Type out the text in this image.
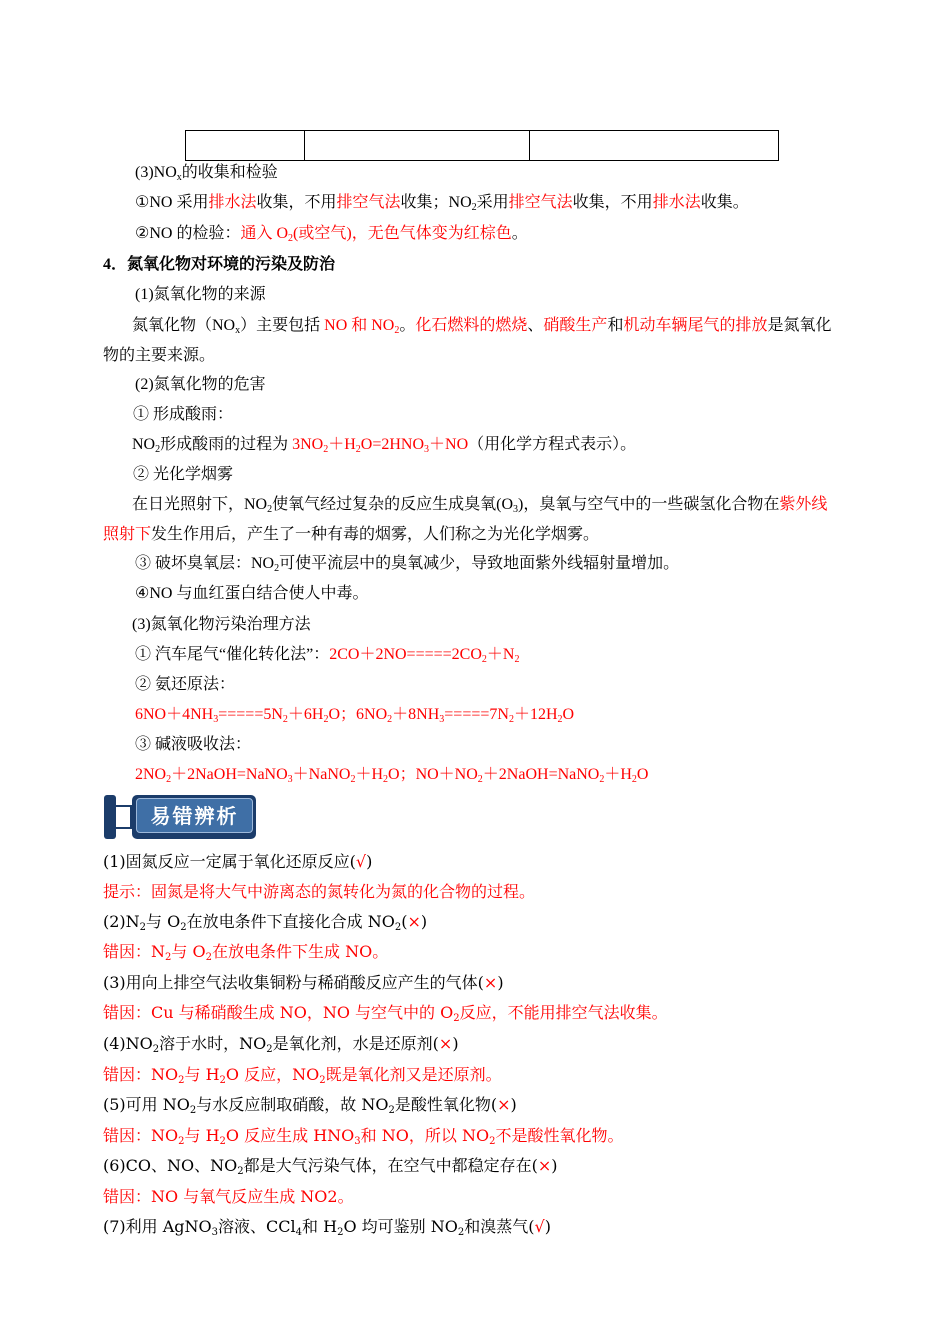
$(3)NO_x$的收集和检验
①NO 采用排水法收集，不用排空气法收集；$NO_2$采用排空气法收集，不用排水法收集。
②NO 的检验：通入 $O_2$(或空气)，无色气体变为红棕色。
4．氮氧化物对环境的污染及防治
(1)氮氧化物的来源
氮氧化物$(NO_x)$主要包括 NO 和 $NO_2$。化石燃料的燃烧、硝酸生产和机动车辆尾气的排放是氮氧化
物的主要来源。
(2)氮氧化物的危害
① 形成酸雨：
$NO_2$形成酸雨的过程为 $3NO_2+H_2O=2HNO_3+NO$（用化学方程式表示）。
② 光化学烟雾
在日光照射下，$NO_2$使氧气经过复杂的反应生成臭氧$(O_3)$，臭氧与空气中的一些碳氢化合物在紫外线
照射下发生作用后，产生了一种有毒的烟雾，人们称之为光化学烟雾。
③ 破坏臭氧层：$NO_2$可使平流层中的臭氧减少，导致地面紫外线辐射量增加。
④NO 与血红蛋白结合使人中毒。
(3)氮氧化物污染治理方法
① 汽车尾气“催化转化法”：$2CO+2NO=====2CO_2+N_2$
② 氨还原法：
$6NO+4NH_3=====5N_2+6H_2O$；$6NO_2+8NH_3=====7N_2+12H_2O$
③ 碱液吸收法：
$2NO_2+2NaOH=NaNO_3+NaNO_2+H_2O$；$NO+NO_2+2NaOH=NaNO_2+H_2O$
易错辨析
(1)固氮反应一定属于氧化还原反应(√)
提示：固氮是将大气中游离态的氮转化为氮的化合物的过程。
$(2)N_2$与 $O_2$在放电条件下直接化合成 $NO_2(\times)$
错因：$N_2$与 $O_2$在放电条件下生成 NO。
(3)用向上排空气法收集铜粉与稀硝酸反应产生的气体(×)
错因：Cu 与稀硝酸生成 NO，NO 与空气中的 $O_2$反应，不能用排空气法收集。
$(4)NO_2$溶于水时，$NO_2$是氧化剂，水是还原剂(×)
错因：$NO_2$与 $H_2O$ 反应，$NO_2$既是氧化剂又是还原剂。
(5)可用 $NO_2$与水反应制取硝酸，故 $NO_2$是酸性氧化物(×)
错因：$NO_2$与 $H_2O$ 反应生成 $HNO_3$和 NO，所以 $NO_2$不是酸性氧化物。
(6)CO、NO、$NO_2$都是大气污染气体，在空气中都稳定存在(×)
错因：NO 与氧气反应生成 NO2。
(7)利用 AgNO$_3$溶液、CCl$_4$和 $H_2O$ 均可鉴别 $NO_2$和溴蒸气(√)
